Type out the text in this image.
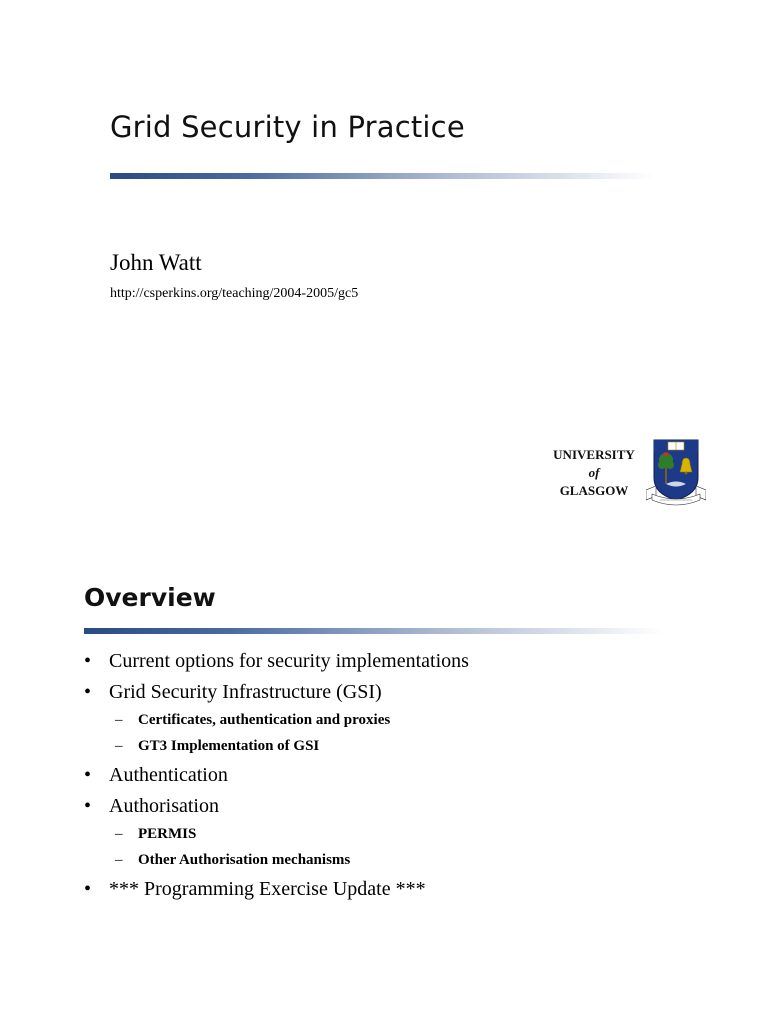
Grid Security in Practice

John Watt

http://csperkins.org/teaching/2004-2005/gc5

UNIVERSITY
of
GLASGOW
Overview
• Current options for security implementations
• Grid Security Infrastructure (GSI)
– Certificates, authentication and proxies
– GT3 Implementation of GSI
• Authentication
• Authorisation
– PERMIS
– Other Authorisation mechanisms
• *** Programming Exercise Update ***
